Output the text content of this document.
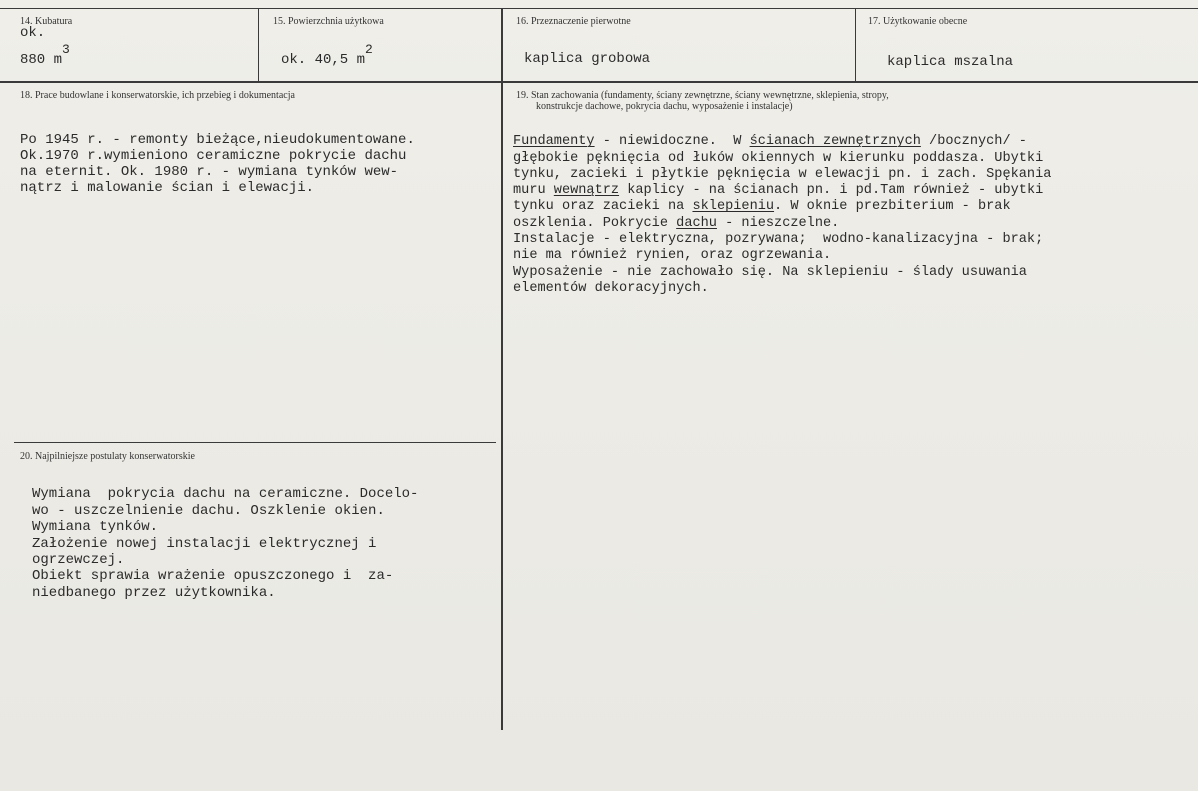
14. Kubatura
ok.
880 m3
15. Powierzchnia użytkowa
ok. 40,5 m2
16. Przeznaczenie pierwotne
kaplica grobowa
17. Użytkowanie obecne
kaplica mszalna
18. Prace budowlane i konserwatorskie, ich przebieg i dokumentacja

Po 1945 r. - remonty bieżące,nieudokumentowane.
Ok.1970 r.wymieniono ceramiczne pokrycie dachu
na eternit. Ok. 1980 r. - wymiana tynków wew-
nątrz i malowanie ścian i elewacji.
19. Stan zachowania (fundamenty, ściany zewnętrzne, ściany wewnętrzne, sklepienia, stropy,
konstrukcje dachowe, pokrycia dachu, wyposażenie i instalacje)

Fundamenty - niewidoczne.  W ścianach zewnętrznych /bocznych/ -
głębokie pęknięcia od łuków okiennych w kierunku poddasza. Ubytki
tynku, zacieki i płytkie pęknięcia w elewacji pn. i zach. Spękania
muru wewnątrz kaplicy - na ścianach pn. i pd.Tam również - ubytki
tynku oraz zacieki na sklepieniu. W oknie prezbiterium - brak
oszklenia. Pokrycie dachu - nieszczelne.
Instalacje - elektryczna, pozrywana;  wodno-kanalizacyjna - brak;
nie ma również rynien, oraz ogrzewania.
Wyposażenie - nie zachowało się. Na sklepieniu - ślady usuwania
elementów dekoracyjnych.
20. Najpilniejsze postulaty konserwatorskie

Wymiana  pokrycia dachu na ceramiczne. Docelo-
wo - uszczelnienie dachu. Oszklenie okien.
Wymiana tynków.
Założenie nowej instalacji elektrycznej i
ogrzewczej.
Obiekt sprawia wrażenie opuszczonego i  za-
niedbanego przez użytkownika.
